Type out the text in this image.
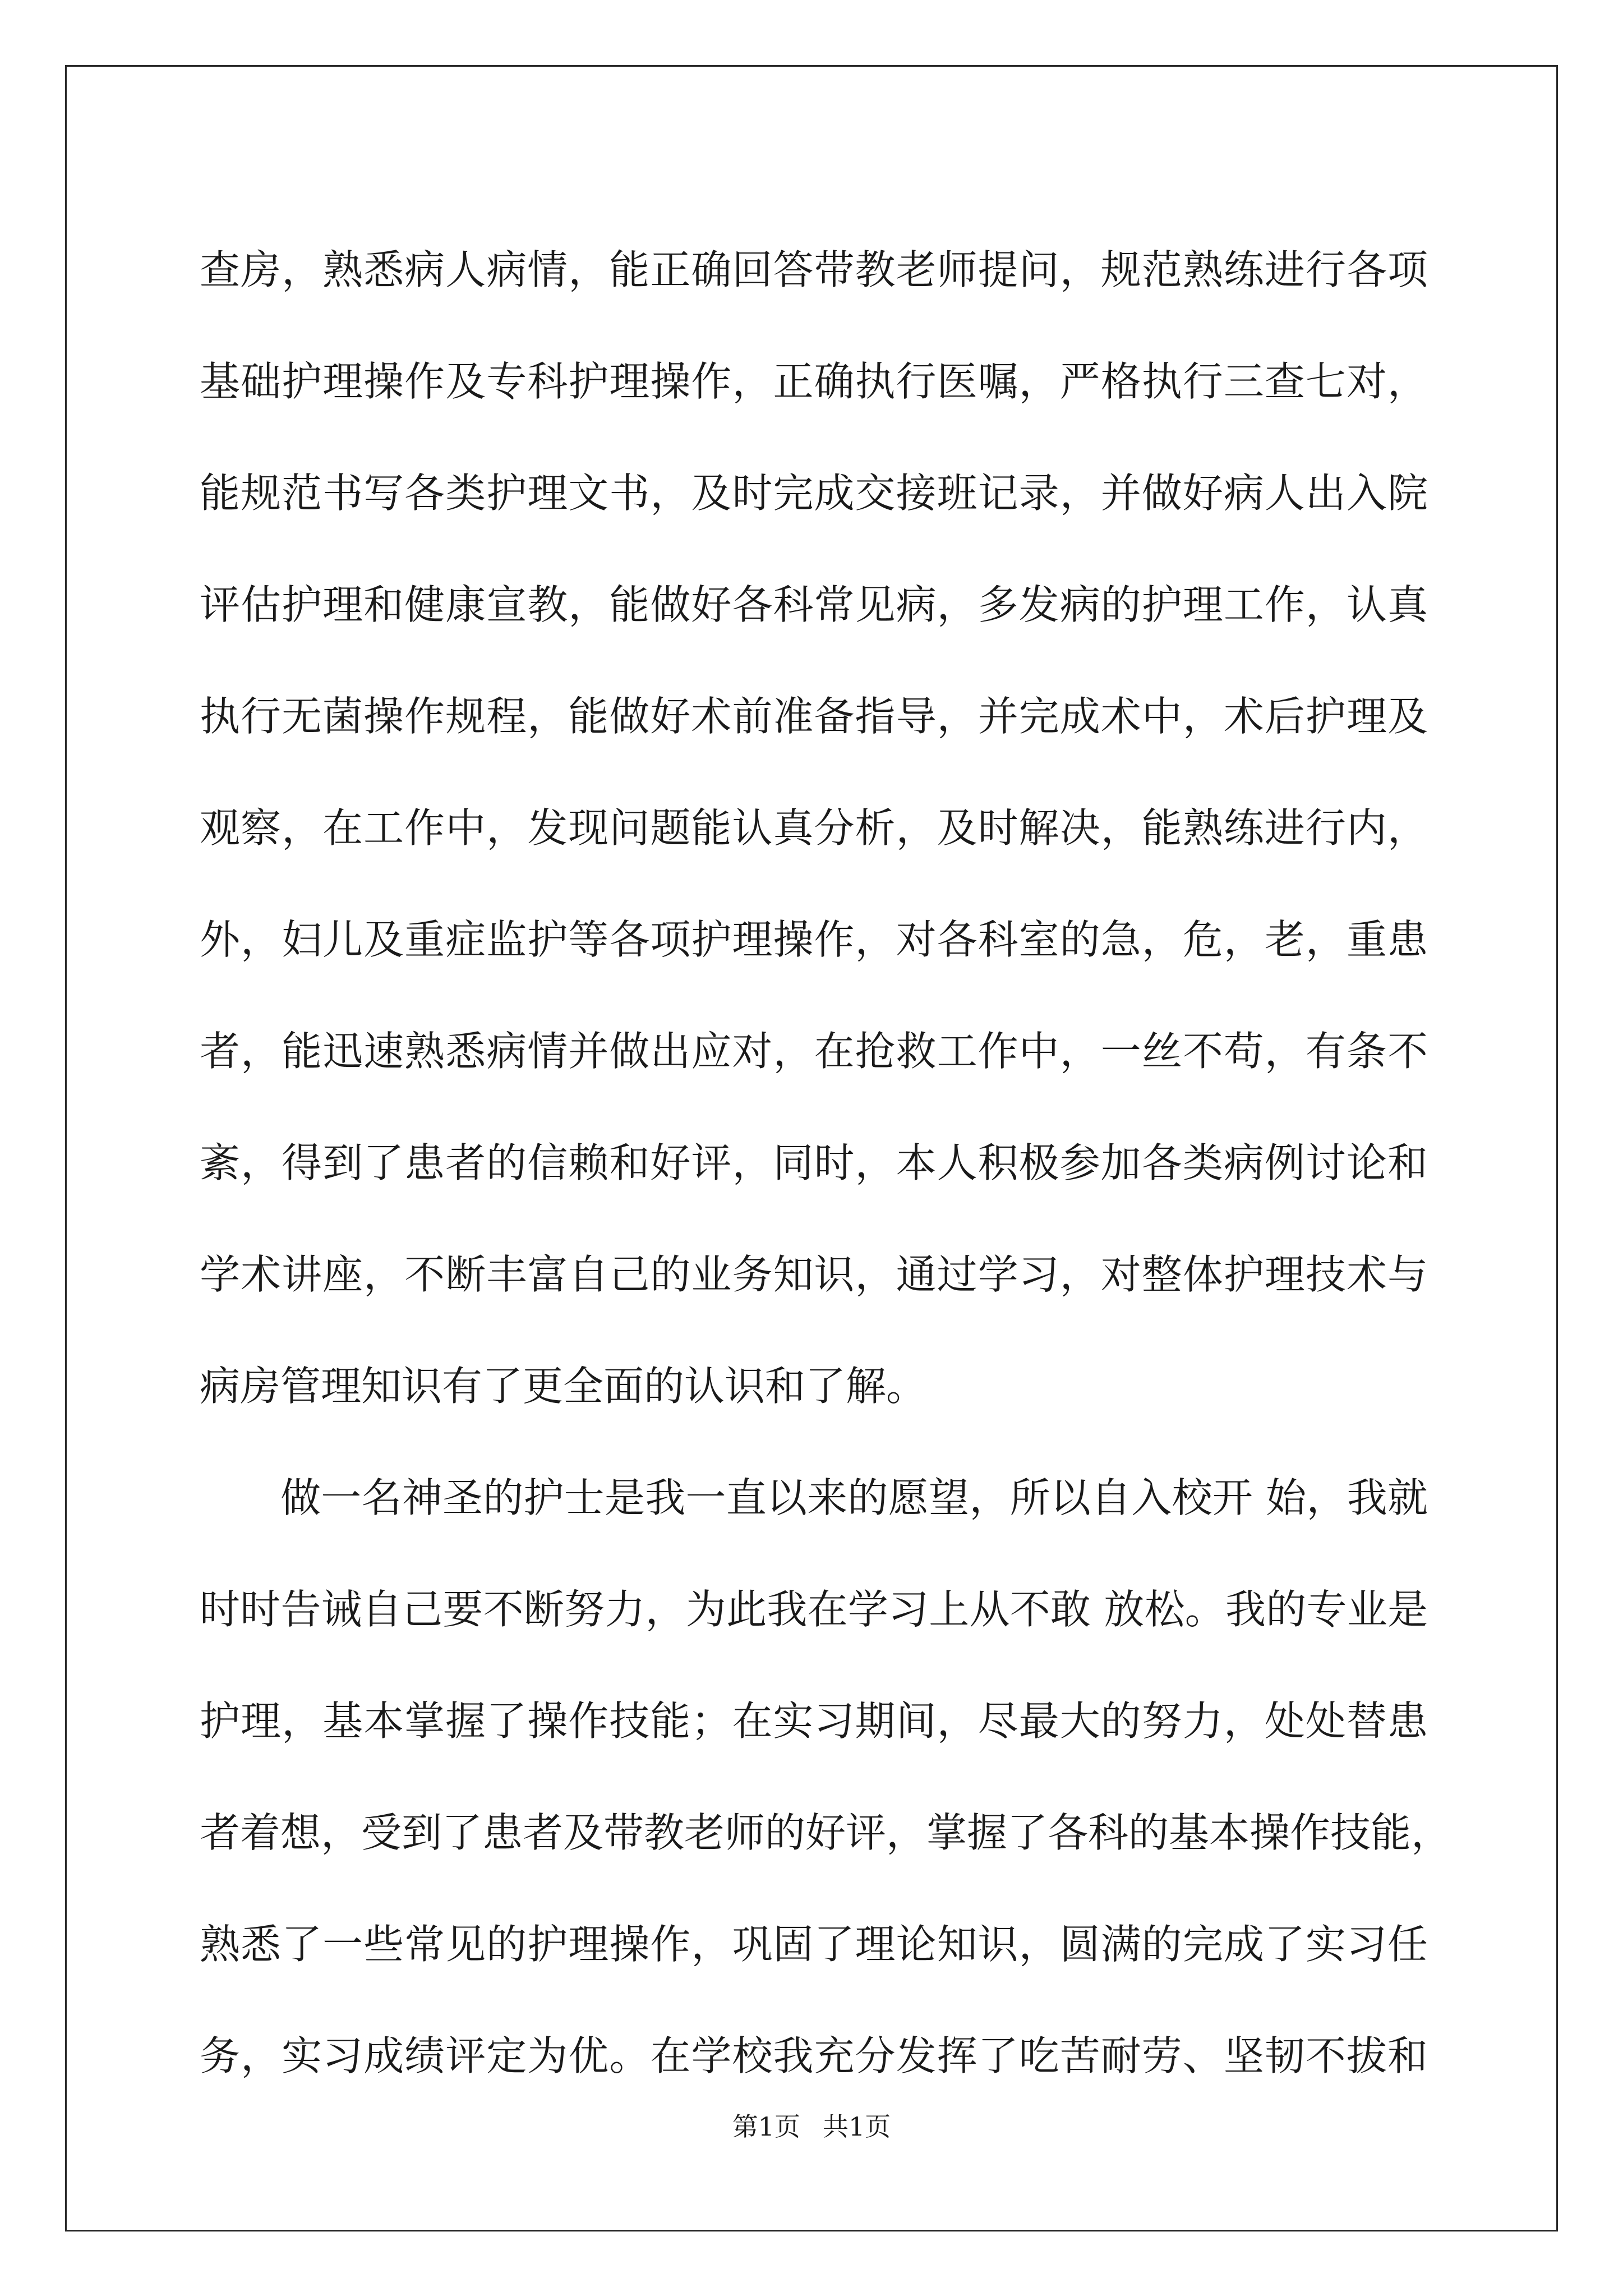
查房，熟悉病人病情，能正确回答带教老师提问，规范熟练进行各项
基础护理操作及专科护理操作，正确执行医嘱，严格执行三查七对，
能规范书写各类护理文书，及时完成交接班记录，并做好病人出入院
评估护理和健康宣教，能做好各科常见病，多发病的护理工作，认真
执行无菌操作规程，能做好术前准备指导，并完成术中，术后护理及
观察，在工作中，发现问题能认真分析，及时解决，能熟练进行内，
外，妇儿及重症监护等各项护理操作，对各科室的急，危，老，重患
者，能迅速熟悉病情并做出应对，在抢救工作中，一丝不苟，有条不
紊，得到了患者的信赖和好评，同时，本人积极参加各类病例讨论和
学术讲座，不断丰富自己的业务知识，通过学习，对整体护理技术与
病房管理知识有了更全面的认识和了解。
做一名神圣的护士是我一直以来的愿望，所以自入校开 始，我就
时时告诫自己要不断努力，为此我在学习上从不敢 放松。我的专业是
护理，基本掌握了操作技能；在实习期间，尽最大的努力，处处替患
者着想，受到了患者及带教老师的好评，掌握了各科的基本操作技能，
熟悉了一些常见的护理操作，巩固了理论知识，圆满的完成了实习任
务，实习成绩评定为优。在学校我充分发挥了吃苦耐劳、坚韧不拔和
第1页 共1页
